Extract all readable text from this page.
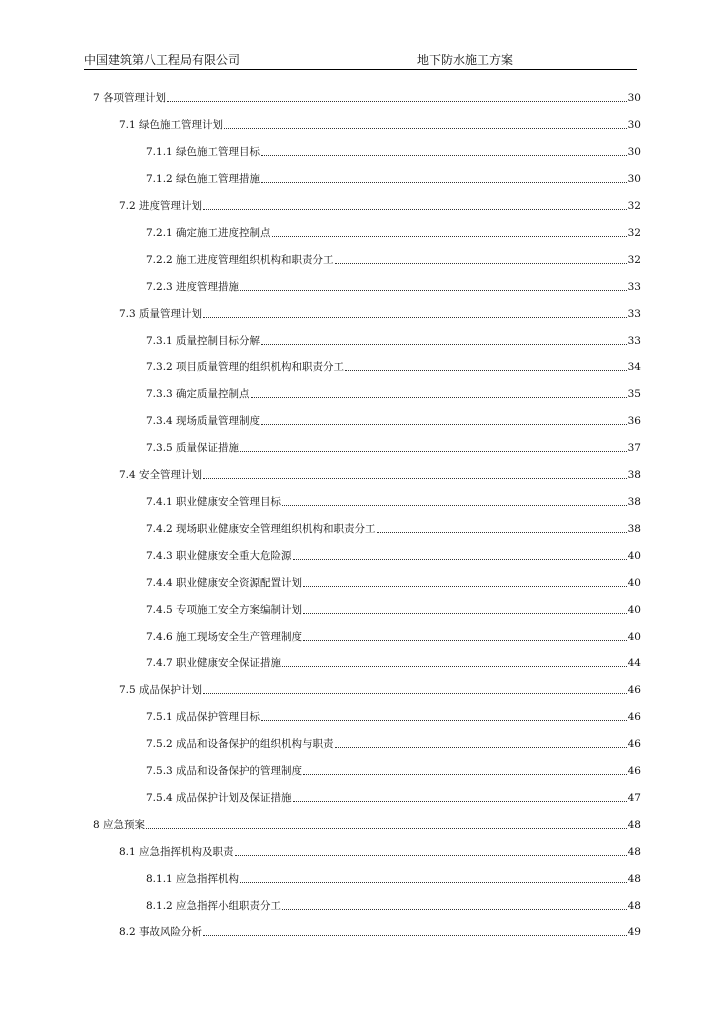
中国建筑第八工程局有限公司	地下防水施工方案
7 各项管理计划	30
7.1 绿色施工管理计划	30
7.1.1 绿色施工管理目标	30
7.1.2 绿色施工管理措施	30
7.2 进度管理计划	32
7.2.1 确定施工进度控制点	32
7.2.2 施工进度管理组织机构和职责分工	32
7.2.3 进度管理措施	33
7.3 质量管理计划	33
7.3.1 质量控制目标分解	33
7.3.2 项目质量管理的组织机构和职责分工	34
7.3.3 确定质量控制点	35
7.3.4 现场质量管理制度	36
7.3.5 质量保证措施	37
7.4 安全管理计划	38
7.4.1 职业健康安全管理目标	38
7.4.2 现场职业健康安全管理组织机构和职责分工	38
7.4.3 职业健康安全重大危险源	40
7.4.4 职业健康安全资源配置计划	40
7.4.5 专项施工安全方案编制计划	40
7.4.6 施工现场安全生产管理制度	40
7.4.7 职业健康安全保证措施	44
7.5 成品保护计划	46
7.5.1 成品保护管理目标	46
7.5.2 成品和设备保护的组织机构与职责	46
7.5.3 成品和设备保护的管理制度	46
7.5.4 成品保护计划及保证措施	47
8 应急预案	48
8.1 应急指挥机构及职责	48
8.1.1 应急指挥机构	48
8.1.2 应急指挥小组职责分工	48
8.2 事故风险分析	49
